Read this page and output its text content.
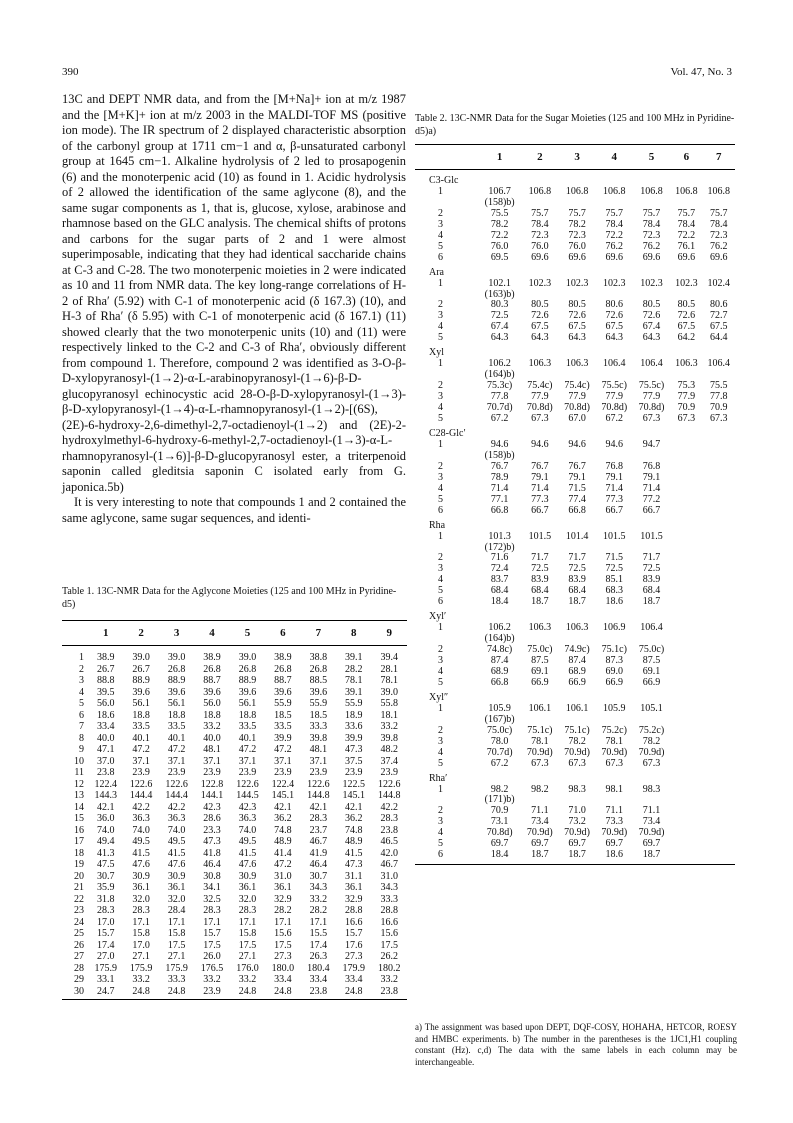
390	Vol. 47, No. 3

13C and DEPT NMR data, and from the [M+Na]+ ion at m/z 1987 and the [M+K]+ ion at m/z 2003 in the MALDI-TOF MS (positive ion mode). The IR spectrum of 2 displayed characteristic absorption of the carbonyl group at 1711 cm−1 and α, β-unsaturated carbonyl group at 1645 cm−1. Alkaline hydrolysis of 2 led to prosapogenin (6) and the monoterpenic acid (10) as found in 1. Acidic hydrolysis of 2 allowed the identification of the same aglycone (8), and the same sugar components as 1, that is, glucose, xylose, arabinose and rhamnose based on the GLC analysis. The chemical shifts of protons and carbons for the sugar parts of 2 and 1 were almost superimposable, indicating that they had identical saccharide chains at C-3 and C-28. The two monoterpenic moieties in 2 were indicated as 10 and 11 from NMR data. The key long-range correlations of H-2 of Rha′ (5.92) with C-1 of monoterpenic acid (δ 167.3) (10), and H-3 of Rha′ (δ 5.95) with C-1 of monoterpenic acid (δ 167.1) (11) showed clearly that the two monoterpenic units (10) and (11) were respectively linked to the C-2 and C-3 of Rha′, obviously different from compound 1. Therefore, compound 2 was identified as 3-O-β-D-xylopyranosyl-(1→2)-α-L-arabinopyranosyl-(1→6)-β-D-glucopyranosyl echinocystic acid 28-O-β-D-xylopyranosyl-(1→3)-β-D-xylopyranosyl-(1→4)-α-L-rhamnopyranosyl-(1→2)-[(6S), (2E)-6-hydroxy-2,6-dimethyl-2,7-octadienoyl-(1→2) and (2E)-2-hydroxylmethyl-6-hydroxy-6-methyl-2,7-octadienoyl-(1→3)-α-L-rhamnopyranosyl-(1→6)]-β-D-glucopyranosyl ester, a triterpenoid saponin called gleditsia saponin C isolated early from G. japonica.5b)

It is very interesting to note that compounds 1 and 2 contained the same aglycone, same sugar sequences, and identi-

Table 1. 13C-NMR Data for the Aglycone Moieties (125 and 100 MHz in Pyridine-d5)
	1	2	3	4	5	6	7	8	9
1	38.9	39.0	39.0	38.9	39.0	38.9	38.8	39.1	39.4
2	26.7	26.7	26.8	26.8	26.8	26.8	26.8	28.2	28.1
3	88.8	88.9	88.9	88.7	88.9	88.7	88.5	78.1	78.1
4	39.5	39.6	39.6	39.6	39.6	39.6	39.6	39.1	39.0
5	56.0	56.1	56.1	56.0	56.1	55.9	55.9	55.9	55.8
6	18.6	18.8	18.8	18.8	18.8	18.5	18.5	18.9	18.1
7	33.4	33.5	33.5	33.2	33.5	33.5	33.3	33.6	33.2
8	40.0	40.1	40.1	40.0	40.1	39.9	39.8	39.9	39.8
9	47.1	47.2	47.2	48.1	47.2	47.2	48.1	47.3	48.2
10	37.0	37.1	37.1	37.1	37.1	37.1	37.1	37.5	37.4
11	23.8	23.9	23.9	23.9	23.9	23.9	23.9	23.9	23.9
12	122.4	122.6	122.6	122.8	122.6	122.4	122.6	122.5	122.6
13	144.3	144.4	144.4	144.1	144.5	145.1	144.8	145.1	144.8
14	42.1	42.2	42.2	42.3	42.3	42.1	42.1	42.1	42.2
15	36.0	36.3	36.3	28.6	36.3	36.2	28.3	36.2	28.3
16	74.0	74.0	74.0	23.3	74.0	74.8	23.7	74.8	23.8
17	49.4	49.5	49.5	47.3	49.5	48.9	46.7	48.9	46.5
18	41.3	41.5	41.5	41.8	41.5	41.4	41.9	41.5	42.0
19	47.5	47.6	47.6	46.4	47.6	47.2	46.4	47.3	46.7
20	30.7	30.9	30.9	30.8	30.9	31.0	30.7	31.1	31.0
21	35.9	36.1	36.1	34.1	36.1	36.1	34.3	36.1	34.3
22	31.8	32.0	32.0	32.5	32.0	32.9	33.2	32.9	33.3
23	28.3	28.3	28.4	28.3	28.3	28.2	28.2	28.8	28.8
24	17.0	17.1	17.1	17.1	17.1	17.1	17.1	16.6	16.6
25	15.7	15.8	15.8	15.7	15.8	15.6	15.5	15.7	15.6
26	17.4	17.0	17.5	17.5	17.5	17.5	17.4	17.6	17.5
27	27.0	27.1	27.1	26.0	27.1	27.3	26.3	27.3	26.2
28	175.9	175.9	175.9	176.5	176.0	180.0	180.4	179.9	180.2
29	33.1	33.2	33.3	33.2	33.2	33.4	33.4	33.4	33.2
30	24.7	24.8	24.8	23.9	24.8	24.8	23.8	24.8	23.8
Table 2. 13C-NMR Data for the Sugar Moieties (125 and 100 MHz in Pyridine-d5)a)
	1	2	3	4	5	6	7
C3-Glc							
1	106.7	106.8	106.8	106.8	106.8	106.8	106.8
	(158)b)						
2	75.5	75.7	75.7	75.7	75.7	75.7	75.7
3	78.2	78.4	78.2	78.4	78.4	78.4	78.4
4	72.2	72.3	72.3	72.2	72.3	72.2	72.3
5	76.0	76.0	76.0	76.2	76.2	76.1	76.2
6	69.5	69.6	69.6	69.6	69.6	69.6	69.6
Ara							
1	102.1	102.3	102.3	102.3	102.3	102.3	102.4
	(163)b)						
2	80.3	80.5	80.5	80.6	80.5	80.5	80.6
3	72.5	72.6	72.6	72.6	72.6	72.6	72.7
4	67.4	67.5	67.5	67.5	67.4	67.5	67.5
5	64.3	64.3	64.3	64.3	64.3	64.2	64.4
Xyl							
1	106.2	106.3	106.3	106.4	106.4	106.3	106.4
	(164)b)						
2	75.3c)	75.4c)	75.4c)	75.5c)	75.5c)	75.3	75.5
3	77.8	77.9	77.9	77.9	77.9	77.9	77.8
4	70.7d)	70.8d)	70.8d)	70.8d)	70.8d)	70.9	70.9
5	67.2	67.3	67.0	67.2	67.3	67.3	67.3
C28-Glc′							
1	94.6	94.6	94.6	94.6	94.7		
	(158)b)						
2	76.7	76.7	76.7	76.8	76.8		
3	78.9	79.1	79.1	79.1	79.1		
4	71.4	71.4	71.5	71.4	71.4		
5	77.1	77.3	77.4	77.3	77.2		
6	66.8	66.7	66.8	66.7	66.7		
Rha							
1	101.3	101.5	101.4	101.5	101.5		
	(172)b)						
2	71.6	71.7	71.7	71.5	71.7		
3	72.4	72.5	72.5	72.5	72.5		
4	83.7	83.9	83.9	85.1	83.9		
5	68.4	68.4	68.4	68.3	68.4		
6	18.4	18.7	18.7	18.6	18.7		
Xyl′							
1	106.2	106.3	106.3	106.9	106.4		
	(164)b)						
2	74.8c)	75.0c)	74.9c)	75.1c)	75.0c)		
3	87.4	87.5	87.4	87.3	87.5		
4	68.9	69.1	68.9	69.0	69.1		
5	66.8	66.9	66.9	66.9	66.9		
Xyl″							
1	105.9	106.1	106.1	105.9	105.1		
	(167)b)						
2	75.0c)	75.1c)	75.1c)	75.2c)	75.2c)		
3	78.0	78.1	78.2	78.1	78.2		
4	70.7d)	70.9d)	70.9d)	70.9d)	70.9d)		
5	67.2	67.3	67.3	67.3	67.3		
Rha′							
1	98.2	98.2	98.3	98.1	98.3		
	(171)b)						
2	70.9	71.1	71.0	71.1	71.1		
3	73.1	73.4	73.2	73.3	73.4		
4	70.8d)	70.9d)	70.9d)	70.9d)	70.9d)		
5	69.7	69.7	69.7	69.7	69.7		
6	18.4	18.7	18.7	18.6	18.7		
a) The assignment was based upon DEPT, DQF-COSY, HOHAHA, HETCOR, ROESY and HMBC experiments. b) The number in the parentheses is the 1JC1,H1 coupling constant (Hz). c,d) The data with the same labels in each column may be interchangeable.
